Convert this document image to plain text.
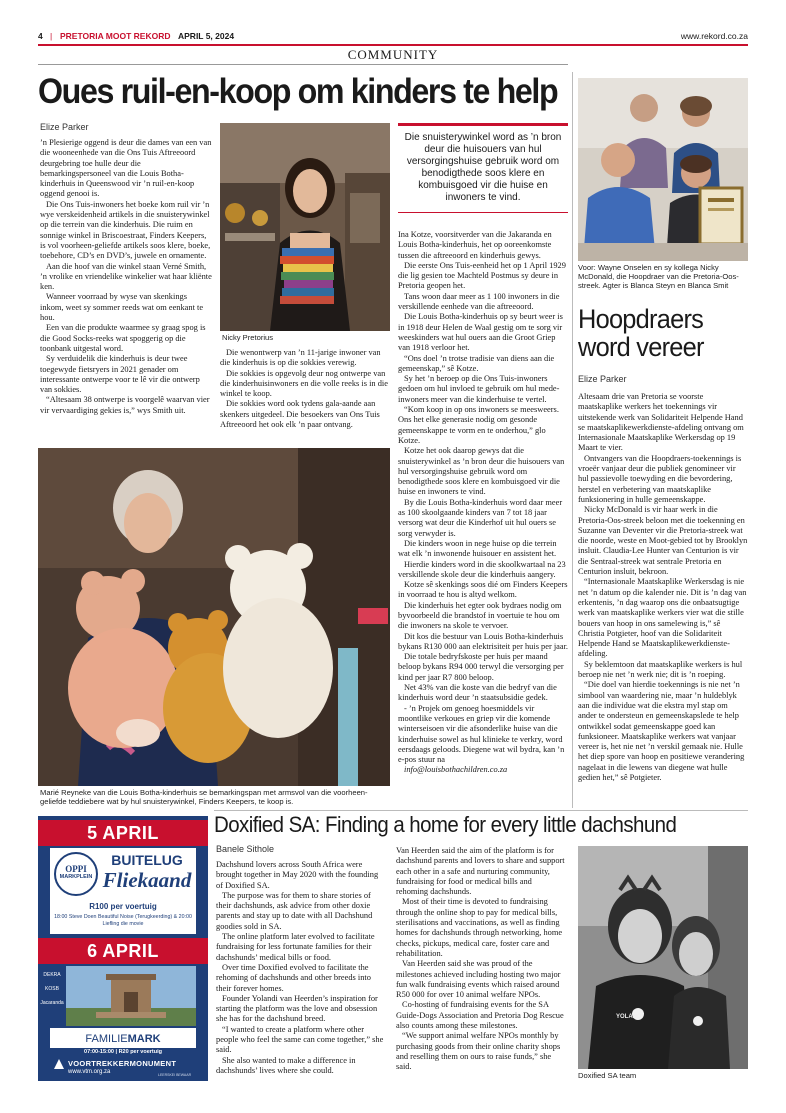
4 | PRETORIA MOOT REKORD APRIL 5, 2024	www.rekord.co.za
COMMUNITY
Oues ruil-en-koop om kinders te help
Elize Parker

’n Plesierige oggend is deur die dames van een van die wooneenhede van die Ons Tuis Aftreeoord deurgebring toe hulle deur die bemarkingspersoneel van die Louis Botha-kinderhuis in Queenswood vir ’n ruil-en-koop oggend genooi is.

Die Ons Tuis-inwoners het boeke kom ruil vir ’n wye verskeidenheid artikels in die snuisterywinkel op die terrein van die kinderhuis. Die ruim en sonnige winkel in Briscoestraat, Finders Keepers, is vol voorheen-geliefde artikels soos klere, boeke, toebehore, CD’s en DVD’s, juwele en ornamente.

Aan die hoof van die winkel staan Verné Smith, ’n vrolike en vriendelike winkelier wat haar kliënte ken.

Wanneer voorraad by wyse van skenkings inkom, weet sy sommer reeds wat om eenkant te hou.

Een van die produkte waarmee sy graag spog is die Good Socks-reeks wat spoggerig op die toonbank uitgestal word.

Sy verduidelik die kinderhuis is deur twee toegewyde fietsryers in 2021 genader om interessante ontwerpe voor te lê vir die ontwerp van sokkies.

“Altesaam 38 ontwerpe is voorgelê waarvan vier vir vervaardiging gekies is,” wys Smith uit.

Nicky Pretorius

Die wenontwerp van ’n 11-jarige inwoner van die kinderhuis is op die sokkies verewig.

Die sokkies is opgevolg deur nog ontwerpe van die kinderhuisinwoners en die volle reeks is in die winkel te koop.

Die sokkies word ook tydens gala-aande aan skenkers uitgedeel. Die besoekers van Ons Tuis Aftreeoord het ook elk ’n paar ontvang.

Die snuisterywinkel word as ’n bron deur die huisouers van hul versorgingshuise gebruik word om benodigthede soos klere en kombuisgoed vir die huise en inwoners te vind.

Ina Kotze, voorsitverder van die Jakaranda en Louis Botha-kinderhuis, het op ooreenkomste tussen die aftreeoord en kinderhuis gewys.

Die eerste Ons Tuis-eenheid het op 1 April 1929 die lig gesien toe Machteld Postmus sy deure in Pretoria geopen het.

Tans woon daar meer as 1 100 inwoners in die verskillende eenhede van die aftreeoord.

Die Louis Botha-kinderhuis op sy beurt weer is in 1918 deur Helen de Waal gestig om te sorg vir weeskinders wat hul ouers aan die Groot Griep van 1918 verloor het.

“Ons doel ’n trotse tradisie van diens aan die gemeenskap,” sê Kotze.

Sy het ’n beroep op die Ons Tuis-inwoners gedoen om hul invloed te gebruik om hul mede-inwoners meer van die kinderhuise te vertel.

“Kom koop in op ons inwoners se meesweers. Ons het elke generasie nodig om gesonde gemeenskappe te vorm en te onderhou,” glo Kotze.

Kotze het ook daarop gewys dat die snuisterywinkel as ’n bron deur die huisouers van hul versorgingshuise gebruik word om benodigthede soos klere en kombuisgoed vir die huise en inwoners te vind.

By die Louis Botha-kinderhuis word daar meer as 100 skoolgaande kinders van 7 tot 18 jaar versorg wat deur die Kinderhof uit hul ouers se sorg verwyder is.

Die kinders woon in nege huise op die terrein wat elk ’n inwonende huisouer en assistent het.

Hierdie kinders word in die skoolkwartaal na 23 verskillende skole deur die kinderhuis aangery.

Kotze sê skenkings soos dié om Finders Keepers in voorraad te hou is altyd welkom.

Die kinderhuis het egter ook bydraes nodig om byvoorbeeld die brandstof in voertuie te hou om die inwoners na skole te vervoer.

Dit kos die bestuur van Louis Botha-kinderhuis bykans R130 000 aan elektrisiteit per huis per jaar.

Die totale bedryfskoste per huis per maand beloop bykans R94 000 terwyl die versorging per kind per jaar R7 800 beloop.

Net 43% van die koste van die bedryf van die kinderhuis word deur ’n staatsubsidie gedek.

- ’n Projek om genoeg hoesmiddels vir moontlike verkoues en griep vir die komende winterseisoen vir die afsonderlike huise van die kinderhuise sowel as hul klinieke te verkry, word eersdaags geloods. Diegene wat wil bydra, kan ’n e-pos stuur na

info@louisbothachildren.co.za

Marié Reyneke van die Louis Botha-kinderhuis se bemarkingspan met armsvol van die voorheen-geliefde teddiebere wat by hul snuisterywinkel, Finders Keepers, te koop is.
Voor: Wayne Onselen en sy kollega Nicky McDonald, die Hoopdraer van die Pretoria-Oos-streek. Agter is Blanca Steyn en Blanca Smit
Hoopdraers word vereer
Elize Parker

Altesaam drie van Pretoria se voorste maatskaplike werkers het toekennings vir uitstekende werk van Solidariteit Helpende Hand se maatskaplikewerkdienste-afdeling ontvang om Internasionale Maatskaplike Werkersdag op 19 Maart te vier.

Ontvangers van die Hoopdraers-toekennings is vroeër vanjaar deur die publiek genomineer vir hul passievolle toewyding en die bevordering, herstel en verbetering van maatskaplike funksionering in hulle gemeenskappe.

Nicky McDonald is vir haar werk in die Pretoria-Oos-streek beloon met die toekenning en Suzanne van Deventer vir die Pretoria-streek wat die noorde, weste en Moot-gebied tot by Brooklyn insluit. Claudia-Lee Hunter van Centurion is vir die Sentraal-streek wat sentrale Pretoria en Centurion insluit, bekroon.

“Internasionale Maatskaplike Werkersdag is nie net ’n datum op die kalender nie. Dit is ’n dag van erkentenis, ’n dag waarop ons die onbaatsugtige werk van maatskaplike werkers vier wat die stille bouers van hoop in ons samelewing is,” sê Christia Potgieter, hoof van die Solidariteit Helpende Hand se Maatskaplikewerkdienste-afdeling.

Sy beklemtoon dat maatskaplike werkers is hul beroep nie net ’n werk nie; dit is ’n roeping.

“Die doel van hierdie toekennings is nie net ’n simbool van waardering nie, maar ’n huldeblyk aan die individue wat die ekstra myl stap om ander te ondersteun en gemeenskapslede te help ontwikkel sodat gemeenskappe goed kan funksioneer. Maatskaplike werkers wat vanjaar vereer is, het nie net ’n verskil gemaak nie. Hulle het diep spore van hoop en positiewe verandering nagelaat in die lewens van diegene wat hulle gedien het,” sê Potgieter.

Doxified SA: Finding a home for every little dachshund
Banele Sithole

Dachshund lovers across South Africa were brought together in May 2020 with the founding of Doxified SA.

The purpose was for them to share stories of their dachshunds, ask advice from other doxie parents and stay up to date with all Dachshund goodies sold in SA.

The online platform later evolved to facilitate fundraising for less fortunate families for their dachshunds’ medical bills or food.

Over time Doxified evolved to facilitate the rehoming of dachshunds and other breeds into their forever homes.

Founder Yolandi van Heerden’s inspiration for starting the platform was the love and obsession she has for the dachshund breed.

“I wanted to create a platform where other people who feel the same can come together,” she said.

She also wanted to make a difference in dachshunds’ lives where she could.

Van Heerden said the aim of the platform is for dachshund parents and lovers to share and support each other in a safe and nurturing community, fundraising for food or medical bills and rehoming dachshunds.

Most of their time is devoted to fundraising through the online shop to pay for medical bills, sterilisations and vaccinations, as well as finding homes for dachshunds through networking, home checks, pickups, medical care, foster care and rehabilitation.

Van Heerden said she was proud of the milestones achieved including hosting two major fun walk fundraising events which raised around R50 000 for over 10 animal welfare NPOs.

Co-hosting of fundraising events for the SA Guide-Dogs Association and Pretoria Dog Rescue also counts among these milestones.

“We support animal welfare NPOs monthly by purchasing goods from their online charity shops and reselling them on ours to raise funds,” she said.

YOLANDI
Doxified SA team
5 APRIL
OPPI
MARKPLEIN
BUITELUG
Fliekaand
R100 per voertuig
18:00 Steve Doen Beautiful Noise (Terugkeerding) & 20:00 Liefling die movie
6 APRIL
DEKRA
KOSB
Jacaranda
FAMILIEMARK
07:00-15:00 | R20 per voertuig
VOORTREKKERMONUMENT
www.vtm.org.za	LEERSKEI BEWAAR
